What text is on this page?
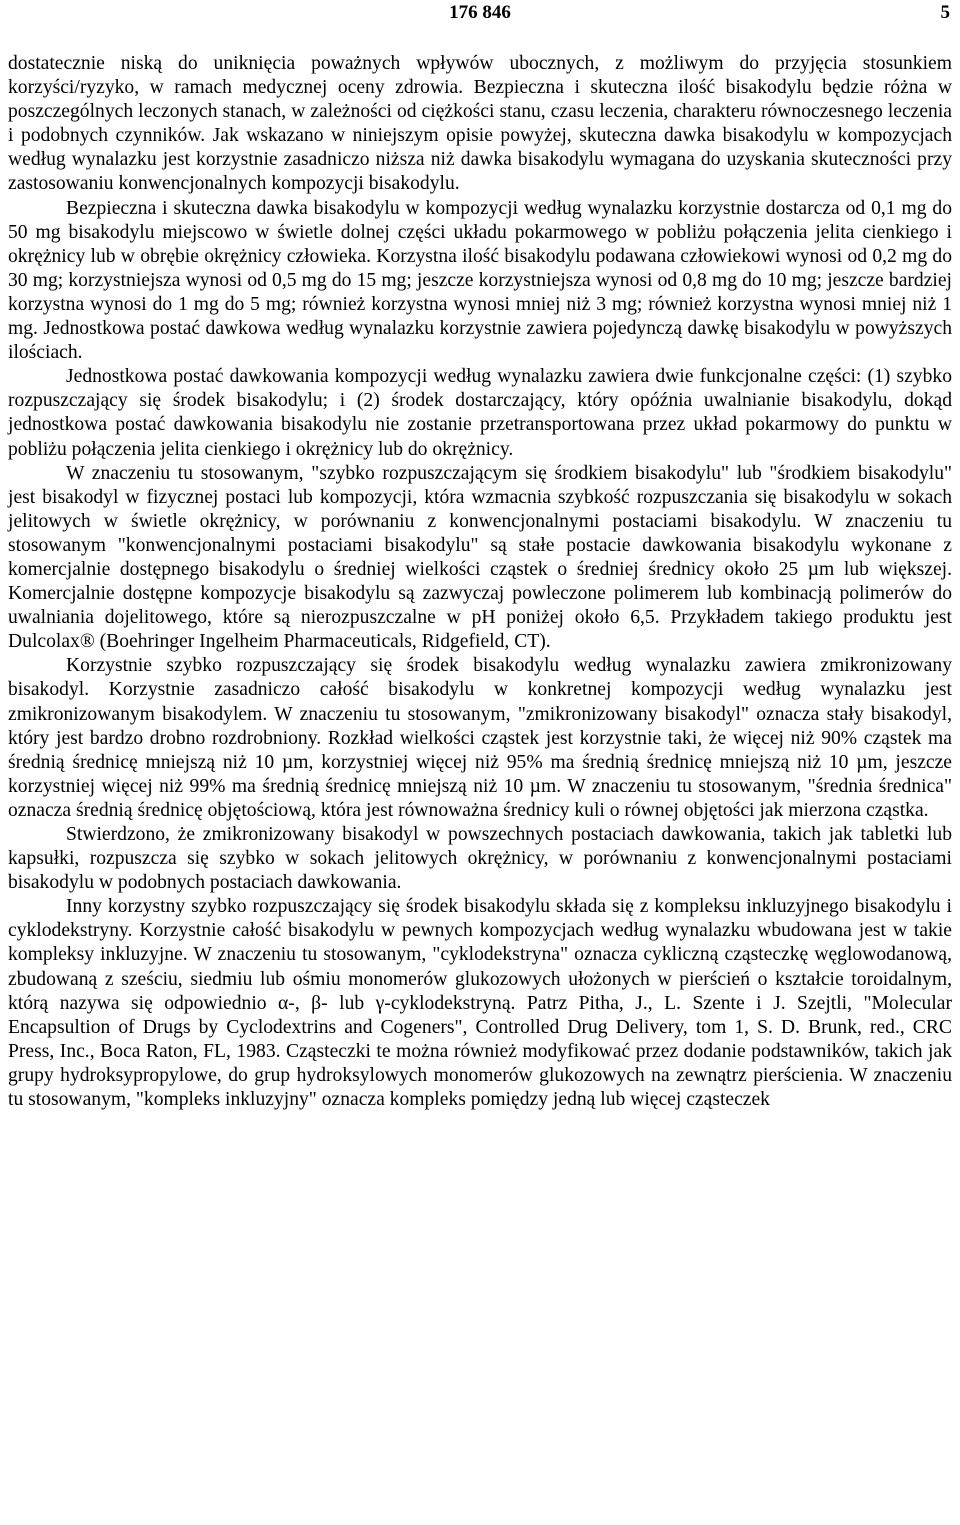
176 846	5

dostatecznie niską do uniknięcia poważnych wpływów ubocznych, z możliwym do przyjęcia stosunkiem korzyści/ryzyko, w ramach medycznej oceny zdrowia. Bezpieczna i skuteczna ilość bisakodylu będzie różna w poszczególnych leczonych stanach, w zależności od ciężkości stanu, czasu leczenia, charakteru równoczesnego leczenia i podobnych czynników. Jak wskazano w niniejszym opisie powyżej, skuteczna dawka bisakodylu w kompozycjach według wynalazku jest korzystnie zasadniczo niższa niż dawka bisakodylu wymagana do uzyskania skuteczności przy zastosowaniu konwencjonalnych kompozycji bisakodylu.

Bezpieczna i skuteczna dawka bisakodylu w kompozycji według wynalazku korzystnie dostarcza od 0,1 mg do 50 mg bisakodylu miejscowo w świetle dolnej części układu pokarmowego w pobliżu połączenia jelita cienkiego i okrężnicy lub w obrębie okrężnicy człowieka. Korzystna ilość bisakodylu podawana człowiekowi wynosi od 0,2 mg do 30 mg; korzystniejsza wynosi od 0,5 mg do 15 mg; jeszcze korzystniejsza wynosi od 0,8 mg do 10 mg; jeszcze bardziej korzystna wynosi do 1 mg do 5 mg; również korzystna wynosi mniej niż 3 mg; również korzystna wynosi mniej niż 1 mg. Jednostkowa postać dawkowa według wynalazku korzystnie zawiera pojedynczą dawkę bisakodylu w powyższych ilościach.

Jednostkowa postać dawkowania kompozycji według wynalazku zawiera dwie funkcjonalne części: (1) szybko rozpuszczający się środek bisakodylu; i (2) środek dostarczający, który opóźnia uwalnianie bisakodylu, dokąd jednostkowa postać dawkowania bisakodylu nie zostanie przetransportowana przez układ pokarmowy do punktu w pobliżu połączenia jelita cienkiego i okrężnicy lub do okrężnicy.

W znaczeniu tu stosowanym, "szybko rozpuszczającym się środkiem bisakodylu" lub "środkiem bisakodylu" jest bisakodyl w fizycznej postaci lub kompozycji, która wzmacnia szybkość rozpuszczania się bisakodylu w sokach jelitowych w świetle okrężnicy, w porównaniu z konwencjonalnymi postaciami bisakodylu. W znaczeniu tu stosowanym "konwencjonalnymi postaciami bisakodylu" są stałe postacie dawkowania bisakodylu wykonane z komercjalnie dostępnego bisakodylu o średniej wielkości cząstek o średniej średnicy około 25 µm lub większej. Komercjalnie dostępne kompozycje bisakodylu są zazwyczaj powleczone polimerem lub kombinacją polimerów do uwalniania dojelitowego, które są nierozpuszczalne w pH poniżej około 6,5. Przykładem takiego produktu jest Dulcolax® (Boehringer Ingelheim Pharmaceuticals, Ridgefield, CT).

Korzystnie szybko rozpuszczający się środek bisakodylu według wynalazku zawiera zmikronizowany bisakodyl. Korzystnie zasadniczo całość bisakodylu w konkretnej kompozycji według wynalazku jest zmikronizowanym bisakodylem. W znaczeniu tu stosowanym, "zmikronizowany bisakodyl" oznacza stały bisakodyl, który jest bardzo drobno rozdrobniony. Rozkład wielkości cząstek jest korzystnie taki, że więcej niż 90% cząstek ma średnią średnicę mniejszą niż 10 µm, korzystniej więcej niż 95% ma średnią średnicę mniejszą niż 10 µm, jeszcze korzystniej więcej niż 99% ma średnią średnicę mniejszą niż 10 µm. W znaczeniu tu stosowanym, "średnia średnica" oznacza średnią średnicę objętościową, która jest równoważna średnicy kuli o równej objętości jak mierzona cząstka.

Stwierdzono, że zmikronizowany bisakodyl w powszechnych postaciach dawkowania, takich jak tabletki lub kapsułki, rozpuszcza się szybko w sokach jelitowych okrężnicy, w porównaniu z konwencjonalnymi postaciami bisakodylu w podobnych postaciach dawkowania.

Inny korzystny szybko rozpuszczający się środek bisakodylu składa się z kompleksu inkluzyjnego bisakodylu i cyklodekstryny. Korzystnie całość bisakodylu w pewnych kompozycjach według wynalazku wbudowana jest w takie kompleksy inkluzyjne. W znaczeniu tu stosowanym, "cyklodekstryna" oznacza cykliczną cząsteczkę węglowodanową, zbudowaną z sześciu, siedmiu lub ośmiu monomerów glukozowych ułożonych w pierścień o kształcie toroidalnym, którą nazywa się odpowiednio α-, β- lub γ-cyklodekstryną. Patrz Pitha, J., L. Szente i J. Szejtli, "Molecular Encapsultion of Drugs by Cyclodextrins and Cogeners", Controlled Drug Delivery, tom 1, S. D. Brunk, red., CRC Press, Inc., Boca Raton, FL, 1983. Cząsteczki te można również modyfikować przez dodanie podstawników, takich jak grupy hydroksypropylowe, do grup hydroksylowych monomerów glukozowych na zewnątrz pierścienia. W znaczeniu tu stosowanym, "kompleks inkluzyjny" oznacza kompleks pomiędzy jedną lub więcej cząsteczek
